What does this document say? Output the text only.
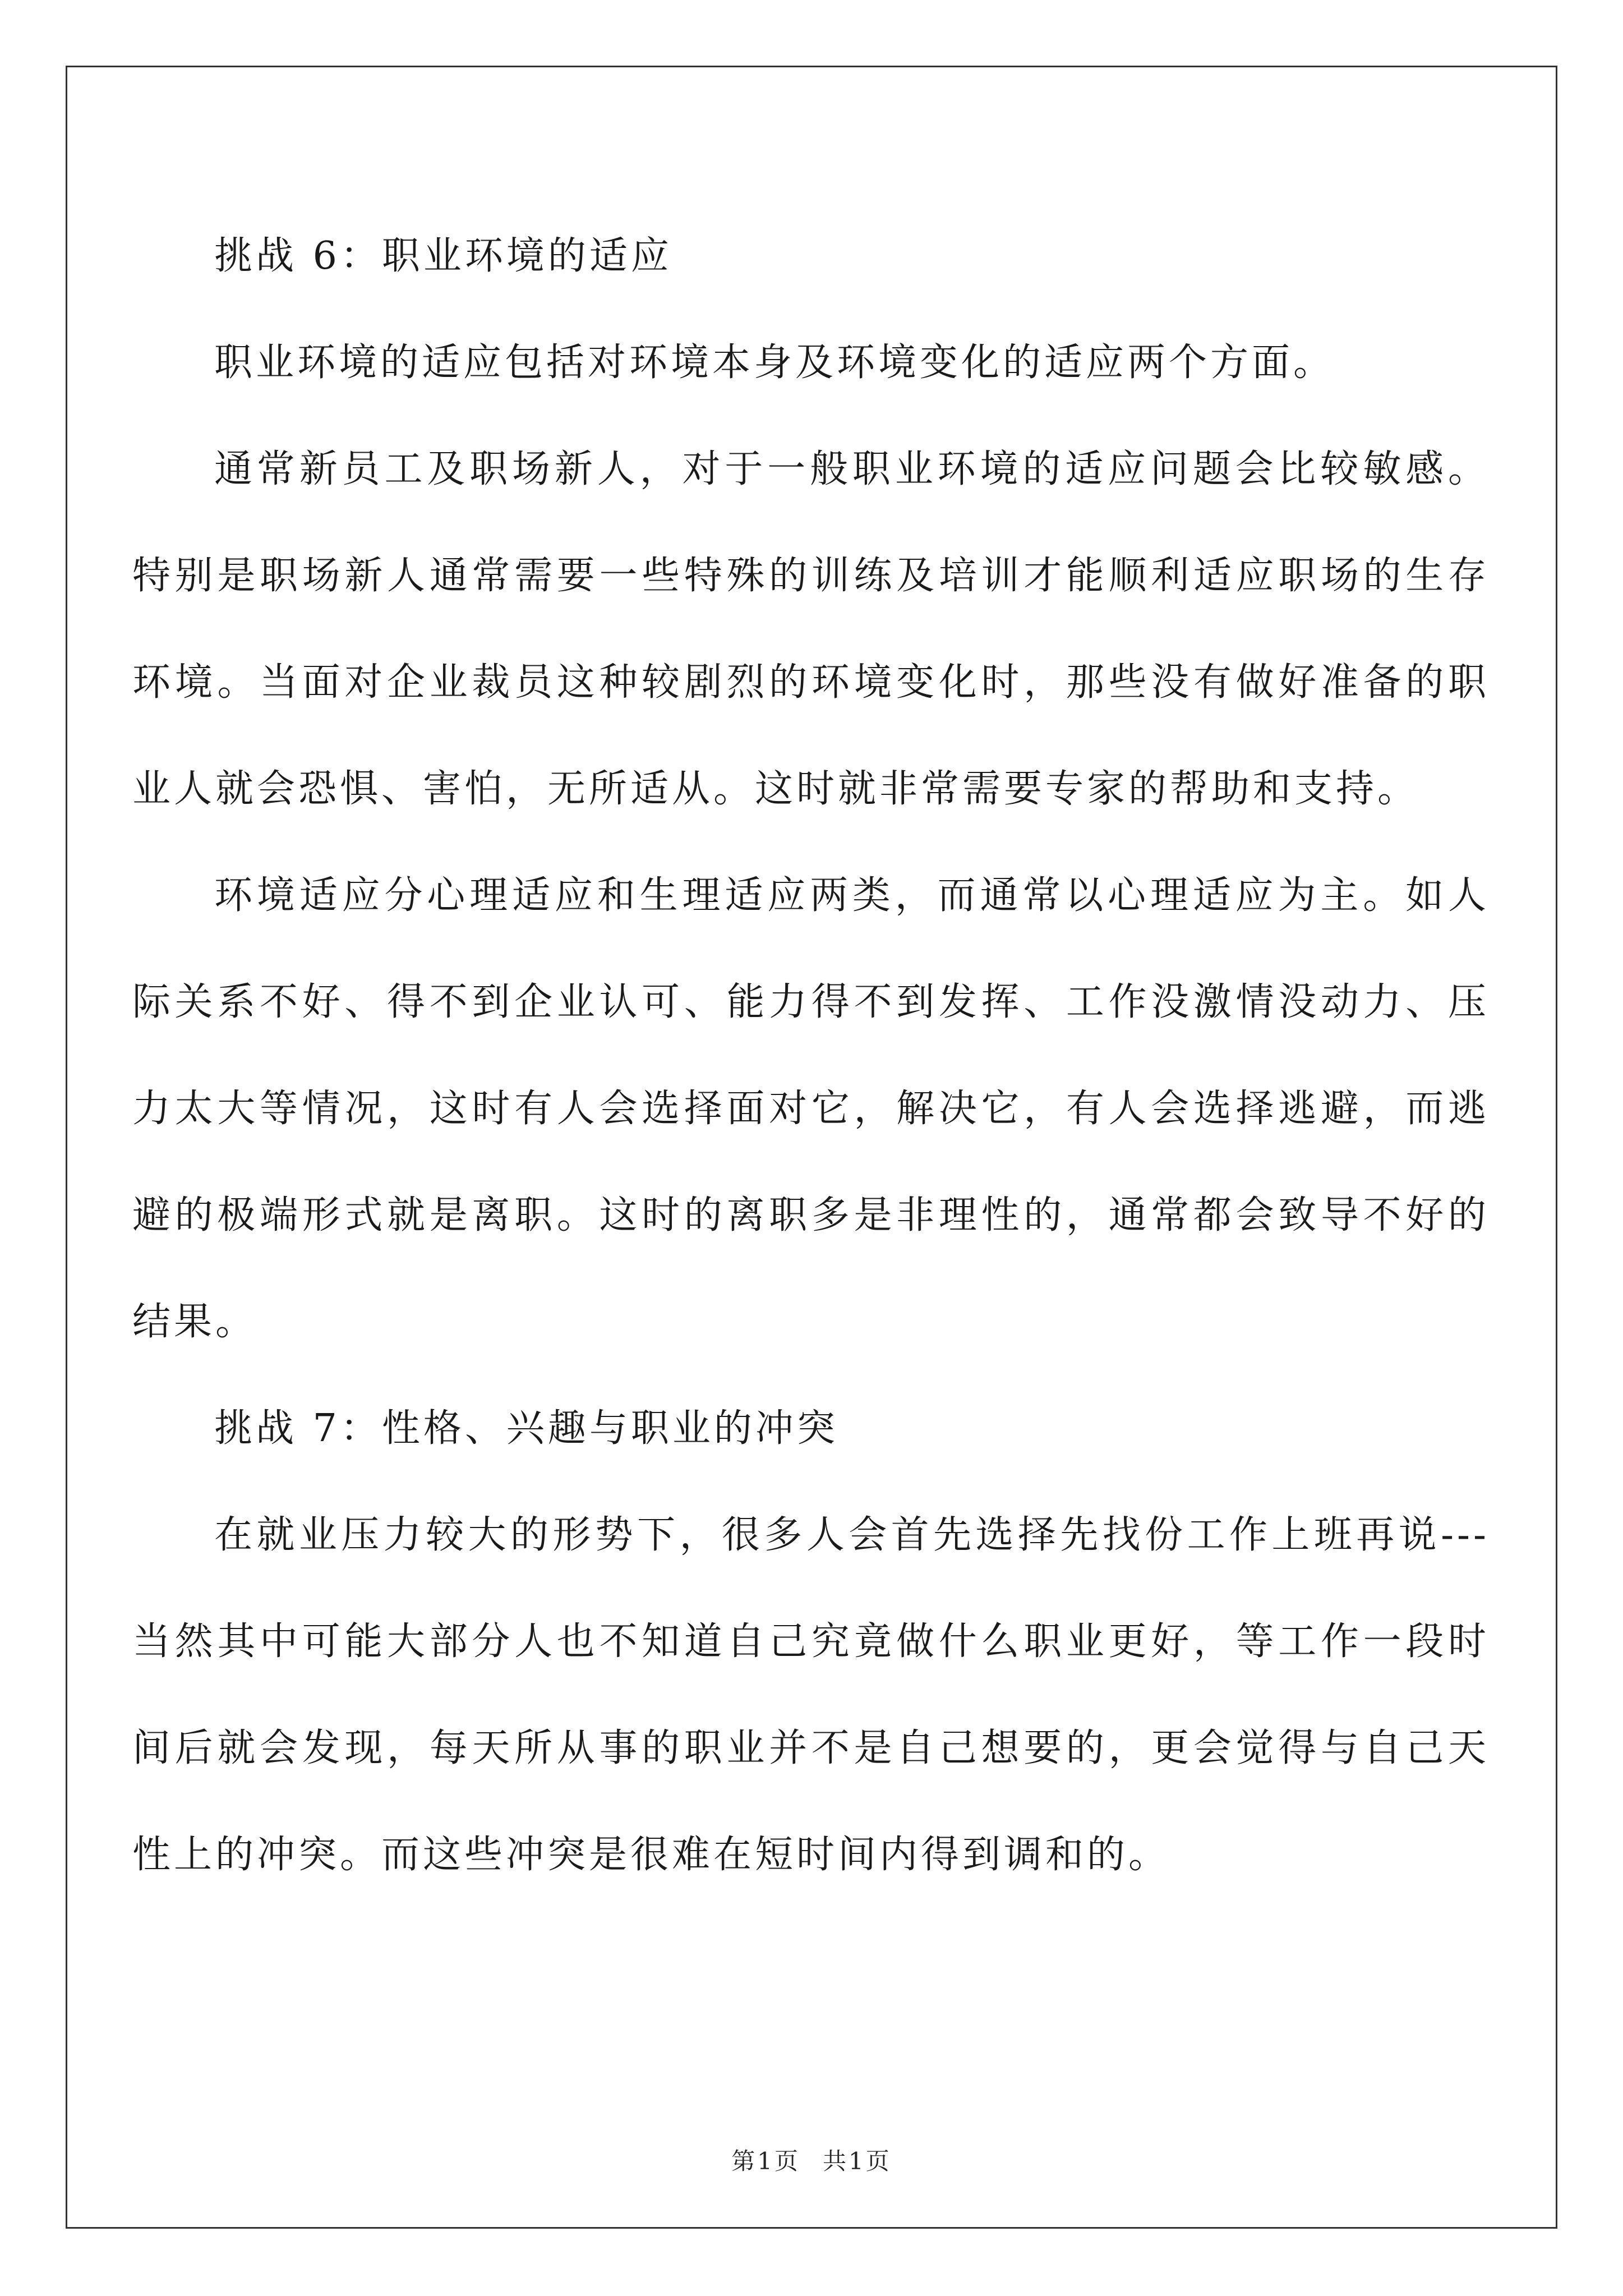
挑战 6：职业环境的适应

职业环境的适应包括对环境本身及环境变化的适应两个方面。

通常新员工及职场新人，对于一般职业环境的适应问题会比较敏感。特别是职场新人通常需要一些特殊的训练及培训才能顺利适应职场的生存环境。当面对企业裁员这种较剧烈的环境变化时，那些没有做好准备的职业人就会恐惧、害怕，无所适从。这时就非常需要专家的帮助和支持。

环境适应分心理适应和生理适应两类，而通常以心理适应为主。如人际关系不好、得不到企业认可、能力得不到发挥、工作没激情没动力、压力太大等情况，这时有人会选择面对它，解决它，有人会选择逃避，而逃避的极端形式就是离职。这时的离职多是非理性的，通常都会致导不好的结果。

挑战 7：性格、兴趣与职业的冲突

在就业压力较大的形势下，很多人会首先选择先找份工作上班再说---当然其中可能大部分人也不知道自己究竟做什么职业更好，等工作一段时间后就会发现，每天所从事的职业并不是自己想要的，更会觉得与自己天性上的冲突。而这些冲突是很难在短时间内得到调和的。

第1页 共1页
